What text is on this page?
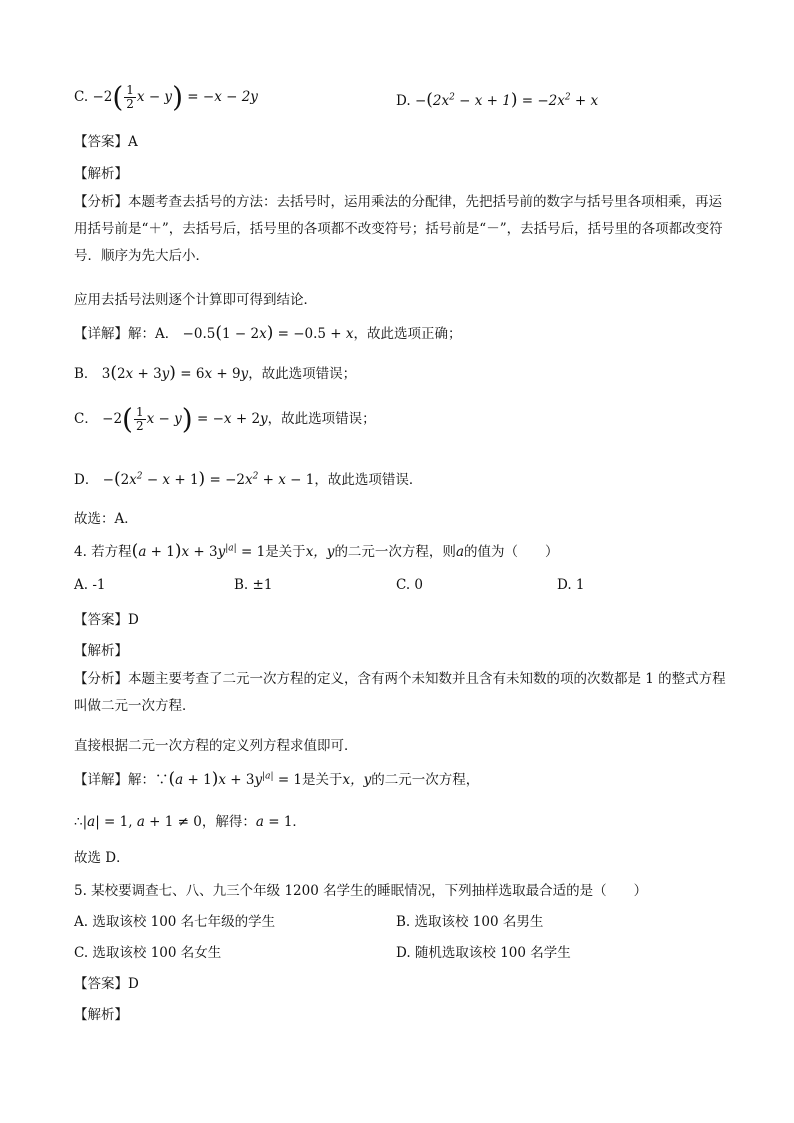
C. $-2( \frac{1}{2}$ x − y) = −x − 2y	D. $-(2x^2 - x + 1) = -2x^2 + x$
【答案】A
【解析】
【分析】本题考查去括号的方法：去括号时，运用乘法的分配律，先把括号前的数字与括号里各项相乘，再运用括号前是“＋”，去括号后，括号里的各项都不改变符号；括号前是“－”，去括号后，括号里的各项都改变符号．顺序为先大后小．
应用去括号法则逐个计算即可得到结论．
【详解】解：A． −0.5(1 − 2x) = −0.5 + x，故此选项正确；
B． 3(2x + 3y) = 6x + 9y，故此选项错误；
C． $-2( \frac{1}{2}$ x − y) = −x + 2y，故此选项错误；
D． $-(2x^2 - x + 1) = -2x^2 + x - 1$，故此选项错误．
故选：A．
4. 若方程$(a + 1)x + 3y^{|a|} = 1$是关于x，y的二元一次方程，则a的值为（　　）
A. -1	B. ±1	C. 0	D. 1
【答案】D
【解析】
【分析】本题主要考查了二元一次方程的定义，含有两个未知数并且含有未知数的项的次数都是 1 的整式方程叫做二元一次方程．
直接根据二元一次方程的定义列方程求值即可．
【详解】解：∵(a + $1)x + 3y^{|a|} = 1$是关于x，y的二元一次方程，
∴|a| = 1, a + 1 ≠ 0，解得：a = 1．
故选 D．
5. 某校要调查七、八、九三个年级 1200 名学生的睡眠情况，下列抽样选取最合适的是（　　）
A. 选取该校 100 名七年级的学生	B. 选取该校 100 名男生
C. 选取该校 100 名女生	D. 随机选取该校 100 名学生
【答案】D
【解析】
